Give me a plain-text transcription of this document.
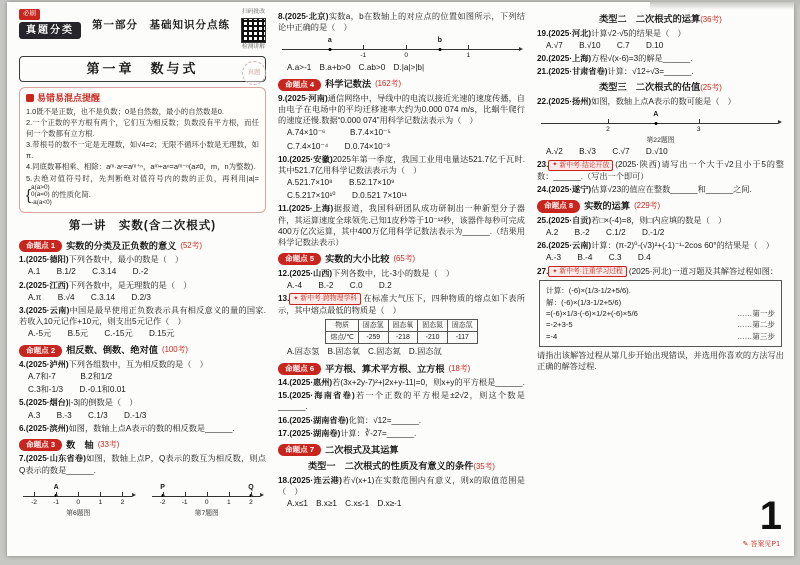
必刷
真题分类	第一部分　基础知识分点练
扫码批改
检测讲解
真题
第一章　数与式
易错易混点提醒
1.0既不是正数，也不是负数；0是自然数，最小的自然数是0.
2.一个正数的平方根有两个，它们互为相反数；负数没有平方根，而任何一个数都有立方根.
3.带根号的数不一定是无理数，如√4=2；无限不循环小数是无理数，如π.
4.同底数幂相乘、相除：aᵐ·aⁿ=aᵐ⁺ⁿ，aᵐ÷aⁿ=aᵐ⁻ⁿ(a≠0，m，n为整数).
5.去绝对值符号时，先判断绝对值符号内的数的正负，再利用|a|=
{ a(a>0)
0(a=0)
-a(a<0)
的性质化简.
第一讲　实数(含二次根式)
命题点 1	实数的分类及正负数的意义 (52考)
1.(2025·德阳)下列各数中，最小的数是（　）
A.1　　B.1/2　　C.3.14　　D.-2
2.(2025·江西)下列各数中，是无理数的是（　）
A.π　　B.√4　　C.3.14　　D.2/3
3.(2025·云南)中国是最早使用正负数表示具有相反意义的量的国家.若收入10元记作+10元，则支出5元记作（　）
A.-5元　　B.5元　　C.-15元　　D.15元
命题点 2	相反数、倒数、绝对值 (100考)
4.(2025·泸州)下列各组数中，互为相反数的是（　）
A.7和-7　　　B.2和1/2
C.3和-1/3　　D.-0.1和0.01
5.(2025·烟台)|-3|的倒数是（　）
A.3　　B.-3　　C.1/3　　D.-1/3
6.(2025·滨州)如图，数轴上点A表示的数的相反数是______.
命题点 3	数　轴 (33考)
7.(2025·山东省卷)如图，数轴上点P，Q表示的数互为相反数，则点Q表示的数是______.
A
-2 -1	0	1	2
第6题图
P	Q
-2 -1	0	1	2
第7题图
8.(2025·北京)实数a，b在数轴上的对应点的位置如图所示，下列结论中正确的是（　）
a	b
-1	0	1
A.a>-1　B.a+b>0　C.ab>0　D.|a|>|b|
命题点 4	科学记数法 (162考)
9.(2025·河南)通信网络中，导线中的电流以接近光速的速度传播，自由电子在电场中的平均迁移速率大约为0.000 074 m/s，比蜗牛爬行的速度还慢.数据“0.000 074”用科学记数法表示为（　）
A.74×10⁻⁶　　　B.7.4×10⁻⁵
C.7.4×10⁻⁴　　D.0.74×10⁻³
10.(2025·安徽)2025年第一季度，我国工业用电量达521.7亿千瓦时.其中521.7亿用科学记数法表示为（　）
A.521.7×10⁸　　B.52.17×10⁹
C.5.217×10¹⁰　　D.0.521 7×10¹¹
11.(2025·上海)据报道，我国科研团队成功研制出一种新型分子器件，其运算速度全球领先.已知1皮秒等于10⁻¹²秒，该器件每秒可完成400万亿次运算，其中400万亿用科学记数法表示为______.（结果用科学记数法表示）
命题点 5	实数的大小比较 (65考)
12.(2025·山西)下列各数中，比-3小的数是（　）
A.-4　　B.-2　　C.0　　D.2
13. ✦ 新中考·跨物理学科 在标准大气压下，四种物质的熔点如下表所示，其中熔点最低的物质是（　）
物质	固态氢	固态氧	固态氮	固态氙
熔点/℃	-259	-218	-210	-117
A.固态氢　B.固态氧　C.固态氮　D.固态氙
命题点 6	平方根、算术平方根、立方根 (18考)
14.(2025·惠州)若(3x+2y-7)²+|2x+y-11|=0，则x+y的平方根是______.
15.(2025·海南省卷)若一个正数的平方根是±2√2，则这个数是______.
16.(2025·湖南省卷)化简：√12=______.
17.(2025·湖南卷)计算：∛-27=______.
命题点 7	二次根式及其运算
类型一　 二次根式的性质及有意义的条件(35考)
18.(2025·连云港)若√(x+1)在实数范围内有意义，则x的取值范围是（　）
A.x≤1　B.x≥1　C.x≤-1　D.x≥-1
类型二　 二次根式的运算(36考)
19.(2025·河北)计算√2·√5的结果是（　）
A.√7　　B.√10　　C.7　　D.10
20.(2025·上海)方程√(x-6)=3的解是______.
21.(2025·甘肃省卷)计算：√12÷√3=______.
类型三　 二次根式的估值(25考)
22.(2025·扬州)如图，数轴上点A表示的数可能是（　）
A
2	3
第22题图
A.√2　　B.√3　　C.√7　　D.√10
23. ✦ 新中考·结论开放 (2025·陕西)请写出一个大于√2且小于5的整数：______.（写出一个即可）
24.(2025·遂宁)估算√23的值应在整数______和______之间.
命题点 8	实数的运算 (229考)
25.(2025·自贡)若□×(-4)=8，则□内应填的数是（　）
A.2　　B.-2　　C.1/2　　D.-1/2
26.(2025·云南)计算：(π-2)⁰-(√3)²+(-1)⁻¹-2cos 60°的结果是（　）
A.-3　　B.-4　　C.3　　D.4
27. ✦ 新中考·注重学习过程 (2025·河北)一道习题及其解答过程如图：
计算：(-6)×(1/3-1/2+5/6).
解：(-6)×(1/3-1/2+5/6)
=(-6)×1/3-(-6)×1/2+(-6)×5/6	……第一步
=-2+3-5	……第二步
=-4	……第三步
请指出该解答过程从第几步开始出现错误，并选用你喜欢的方法写出正确的解答过程.
1
✎ 答案见P1
